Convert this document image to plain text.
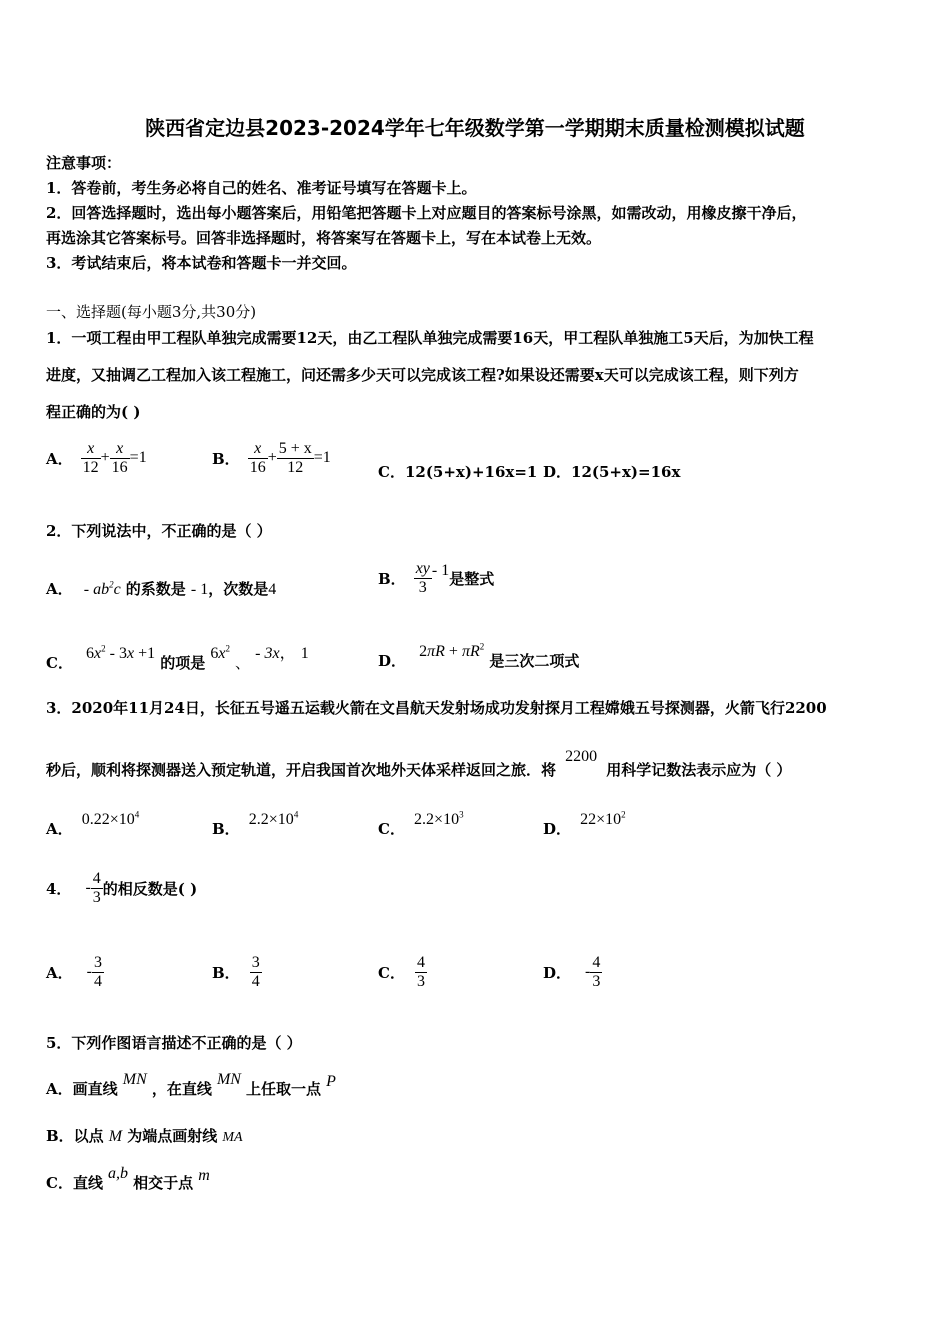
陕西省定边县2023-2024学年七年级数学第一学期期末质量检测模拟试题
注意事项：
1．答卷前，考生务必将自己的姓名、准考证号填写在答题卡上。
2．回答选择题时，选出每小题答案后，用铅笔把答题卡上对应题目的答案标号涂黑，如需改动，用橡皮擦干净后，
再选涂其它答案标号。回答非选择题时，将答案写在答题卡上，写在本试卷上无效。
3．考试结束后，将本试卷和答题卡一并交回。
一、选择题(每小题3分,共30分)
1．一项工程由甲工程队单独完成需要12天，由乙工程队单独完成需要16天，甲工程队单独施工5天后，为加快工程
进度，又抽调乙工程加入该工程施工，问还需多少天可以完成该工程?如果设还需要x天可以完成该工程，则下列方
程正确的为( )
A． $\frac{x}{12} + \frac{x}{16} =1$	B． $\frac{x}{16} + \frac{5 + x}{12} =1$
C．12(5+x)+16x=1 D．12(5+x)=16x
2．下列说法中，不正确的是（ ）
A． - $ab^2c$ 的系数是 - 1，次数是4
B． $\frac{xy}{3} - 1$ 是整式
C． $6x^2 - 3x +1$ 的项是 $6x^2$ 、 - 3x， 1	D． $2\pi R + \pi R^2$ 是三次二项式
3．2020年11月24日，长征五号遥五运载火箭在文昌航天发射场成功发射探月工程嫦娥五号探测器，火箭飞行2200
秒后，顺利将探测器送入预定轨道，开启我国首次地外天体采样返回之旅．将 2200 用科学记数法表示应为（ ）
A． $0.22\times 10^4$
B． $2.2\times 10^4$
C． $2.2\times 10^3$
D． $22\times 10^2$
4． - $\frac{4}{3}$ 的相反数是( )
A． - $\frac{3}{4}$	B． $\frac{3}{4}$	C． $\frac{4}{3}$	D． - $\frac{4}{3}$
5．下列作图语言描述不正确的是（ ）
A．画直线 MN ，在直线 MN 上任取一点 P
B．以点 M 为端点画射线 MA
C．直线 a,b 相交于点 m
